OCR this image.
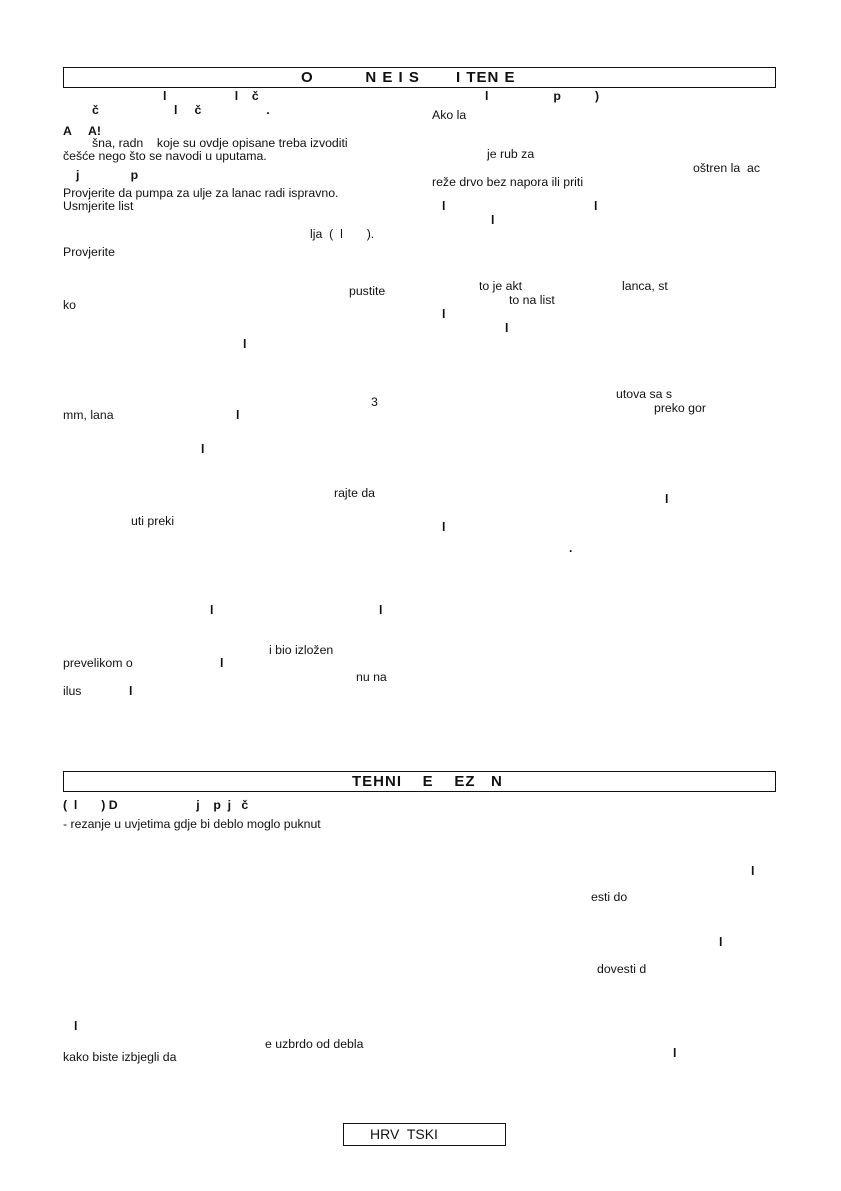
O          N E I S       I TEN E
l                    l    č
č                      l     č                   .
A     A!
šna, radn    koje su ovdje opisane treba izvoditi
češće nego što se navodi u uputama.
j               p
Provjerite da pumpa za ulje za lanac radi ispravno.
Usmjerite list
lja  (  l       ).
Provjerite
pustite
ko
l
3
mm, lana	l
l
rajte da
uti preki
l	l
i bio izložen
prevelikom o	l
nu na
ilus	l
l                   p          )
Ako la
je rub za
oštren la  ac
reže drvo bez napora ili priti
l	l
l
to je akt	lanca, st
to na list
l
l
utova sa s
preko gor
l
l
.
TEHNI    E    EZ   N
(  l       ) D                       j    p  j   č
- rezanje u uvjetima gdje bi deblo moglo puknut
l
esti do
l
dovesti d
l
e uzbrdo od debla
kako biste izbjegli da	l
HRV  TSKI
